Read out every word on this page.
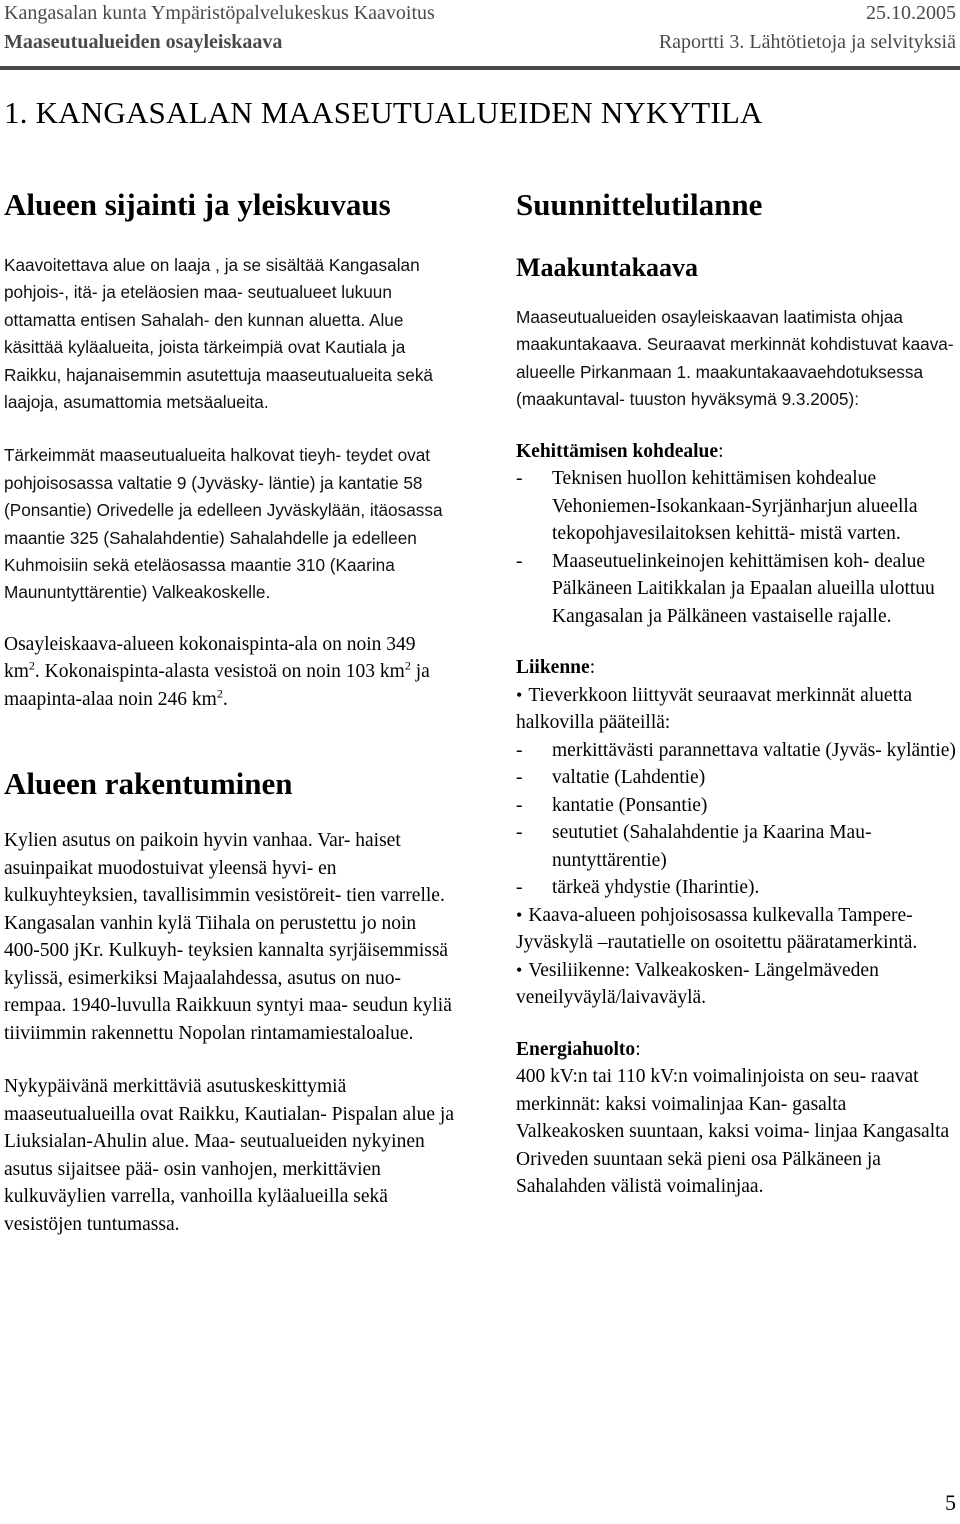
Kangasalan kunta Ympäristöpalvelukeskus Kaavoitus	25.10.2005
Maaseutualueiden osayleiskaava	Raportti 3. Lähtötietoja ja selvityksiä
1. KANGASALAN MAASEUTUALUEIDEN NYKYTILA
Alueen sijainti ja yleiskuvaus

Kaavoitettava alue on laaja , ja se sisältää Kangasalan pohjois-, itä- ja eteläosien maa- seutualueet lukuun ottamatta entisen Sahalah- den kunnan aluetta. Alue käsittää kyläalueita, joista tärkeimpiä ovat Kautiala ja Raikku, hajanaisemmin asutettuja maaseutualueita sekä laajoja, asumattomia metsäalueita.

Tärkeimmät maaseutualueita halkovat tieyh- teydet ovat pohjoisosassa valtatie 9 (Jyväsky- läntie) ja kantatie 58 (Ponsantie) Orivedelle ja edelleen Jyväskylään, itäosassa maantie 325 (Sahalahdentie) Sahalahdelle ja edelleen Kuhmoisiin sekä eteläosassa maantie 310 (Kaarina Maununtyttärentie) Valkeakoskelle.

Osayleiskaava-alueen kokonaispinta-ala on noin 349 $km^2$. Kokonaispinta-alasta vesistoä on noin 103 $km^2$ ja maapinta-alaa noin 246 $km^2$.

Alueen rakentuminen

Kylien asutus on paikoin hyvin vanhaa. Var- haiset asuinpaikat muodostuivat yleensä hyvi- en kulkuyhteyksien, tavallisimmin vesistöreit- tien varrelle. Kangasalan vanhin kylä Tiihala on perustettu jo noin 400-500 jKr. Kulkuyh- teyksien kannalta syrjäisemmissä kylissä, esimerkiksi Majaalahdessa, asutus on nuo- rempaa. 1940-luvulla Raikkuun syntyi maa- seudun kyliä tiiviimmin rakennettu Nopolan rintamamiestaloalue.

Nykypäivänä merkittäviä asutuskeskittymiä maaseutualueilla ovat Raikku, Kautialan- Pispalan alue ja Liuksialan-Ahulin alue. Maa- seutualueiden nykyinen asutus sijaitsee pää- osin vanhojen, merkittävien kulkuväylien varrella, vanhoilla kyläalueilla sekä vesistöjen tuntumassa.

Suunnittelutilanne
Maakuntakaava

Maaseutualueiden osayleiskaavan laatimista ohjaa maakuntakaava. Seuraavat merkinnät kohdistuvat kaava-alueelle Pirkanmaan 1. maakuntakaavaehdotuksessa (maakuntaval- tuuston hyväksymä 9.3.2005):

Kehittämisen kohdealue:

- Teknisen huollon kehittämisen kohdealue Vehoniemen-Isokankaan-Syrjänharjun alueella tekopohjavesilaitoksen kehittä- mistä varten.
- Maaseutuelinkeinojen kehittämisen koh- dealue Pälkäneen Laitikkalan ja Epaalan alueilla ulottuu Kangasalan ja Pälkäneen vastaiselle rajalle.

Liikenne:

• Tieverkkoon liittyvät seuraavat merkinnät aluetta halkovilla pääteillä:

- merkittävästi parannettava valtatie (Jyväs- kyläntie)
- valtatie (Lahdentie)
- kantatie (Ponsantie)
- seututiet (Sahalahdentie ja Kaarina Mau- nuntyttärentie)
- tärkeä yhdystie (Iharintie).

• Kaava-alueen pohjoisosassa kulkevalla Tampere-Jyväskylä –rautatielle on osoitettu pääratamerkintä.

• Vesiliikenne: Valkeakosken- Längelmäveden veneilyväylä/laivaväylä.

Energiahuolto:

400 kV:n tai 110 kV:n voimalinjoista on seu- raavat merkinnät: kaksi voimalinjaa Kan- gasalta Valkeakosken suuntaan, kaksi voima- linjaa Kangasalta Oriveden suuntaan sekä pieni osa Pälkäneen ja Sahalahden välistä voimalinjaa.

5
